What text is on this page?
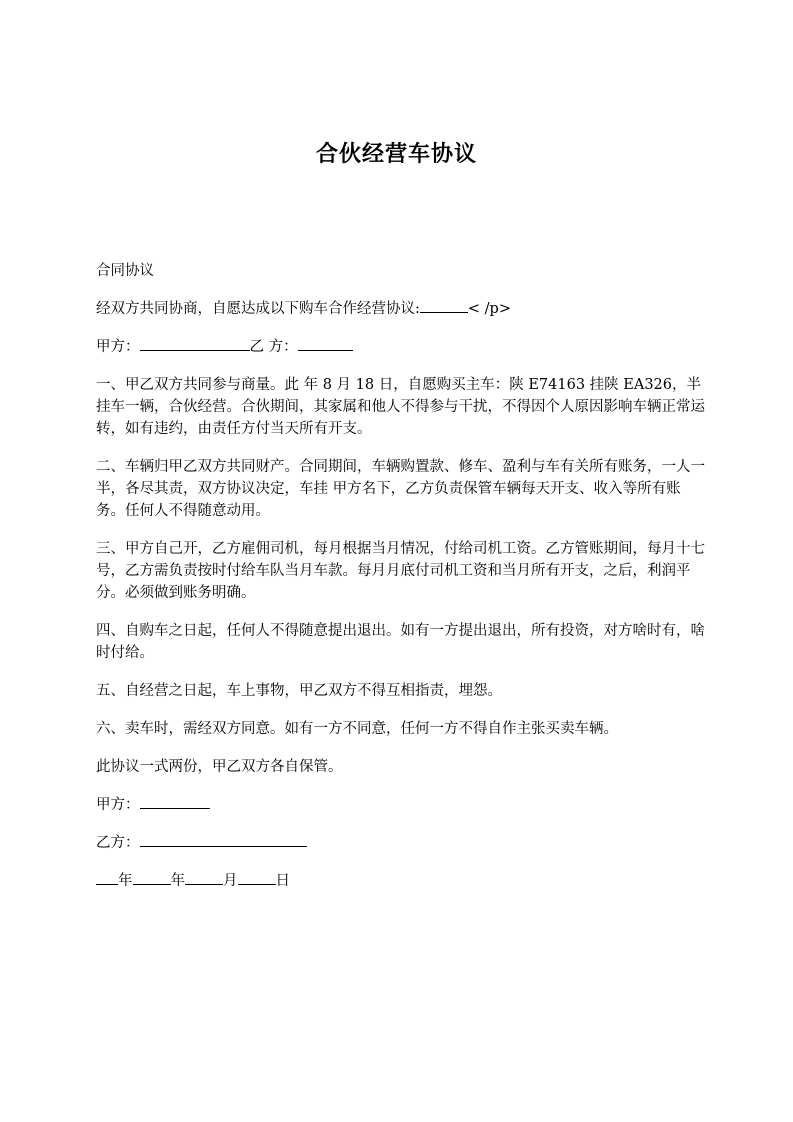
合伙经营车协议

合同协议

经双方共同协商，自愿达成以下购车合作经营协议:	< /p>

甲方：	乙 方：

一、甲乙双方共同参与商量。此 年 8 月 18 日，自愿购买主车：陕 E74163 挂陕 EA326，半挂车一辆，合伙经营。合伙期间，其家属和他人不得参与干扰，不得因个人原因影响车辆正常运转，如有违约，由责任方付当天所有开支。

二、车辆归甲乙双方共同财产。合同期间，车辆购置款、修车、盈利与车有关所有账务，一人一半，各尽其责，双方协议决定，车挂 甲方名下，乙方负责保管车辆每天开支、收入等所有账务。任何人不得随意动用。

三、甲方自己开，乙方雇佣司机，每月根据当月情况，付给司机工资。乙方管账期间，每月十七号，乙方需负责按时付给车队当月车款。每月月底付司机工资和当月所有开支，之后，利润平分。必须做到账务明确。

四、自购车之日起，任何人不得随意提出退出。如有一方提出退出，所有投资，对方啥时有，啥时付给。

五、自经营之日起，车上事物，甲乙双方不得互相指责，埋怨。

六、卖车时，需经双方同意。如有一方不同意，任何一方不得自作主张买卖车辆。

此协议一式两份，甲乙双方各自保管。

甲方：

乙方：

年	年	月	日
